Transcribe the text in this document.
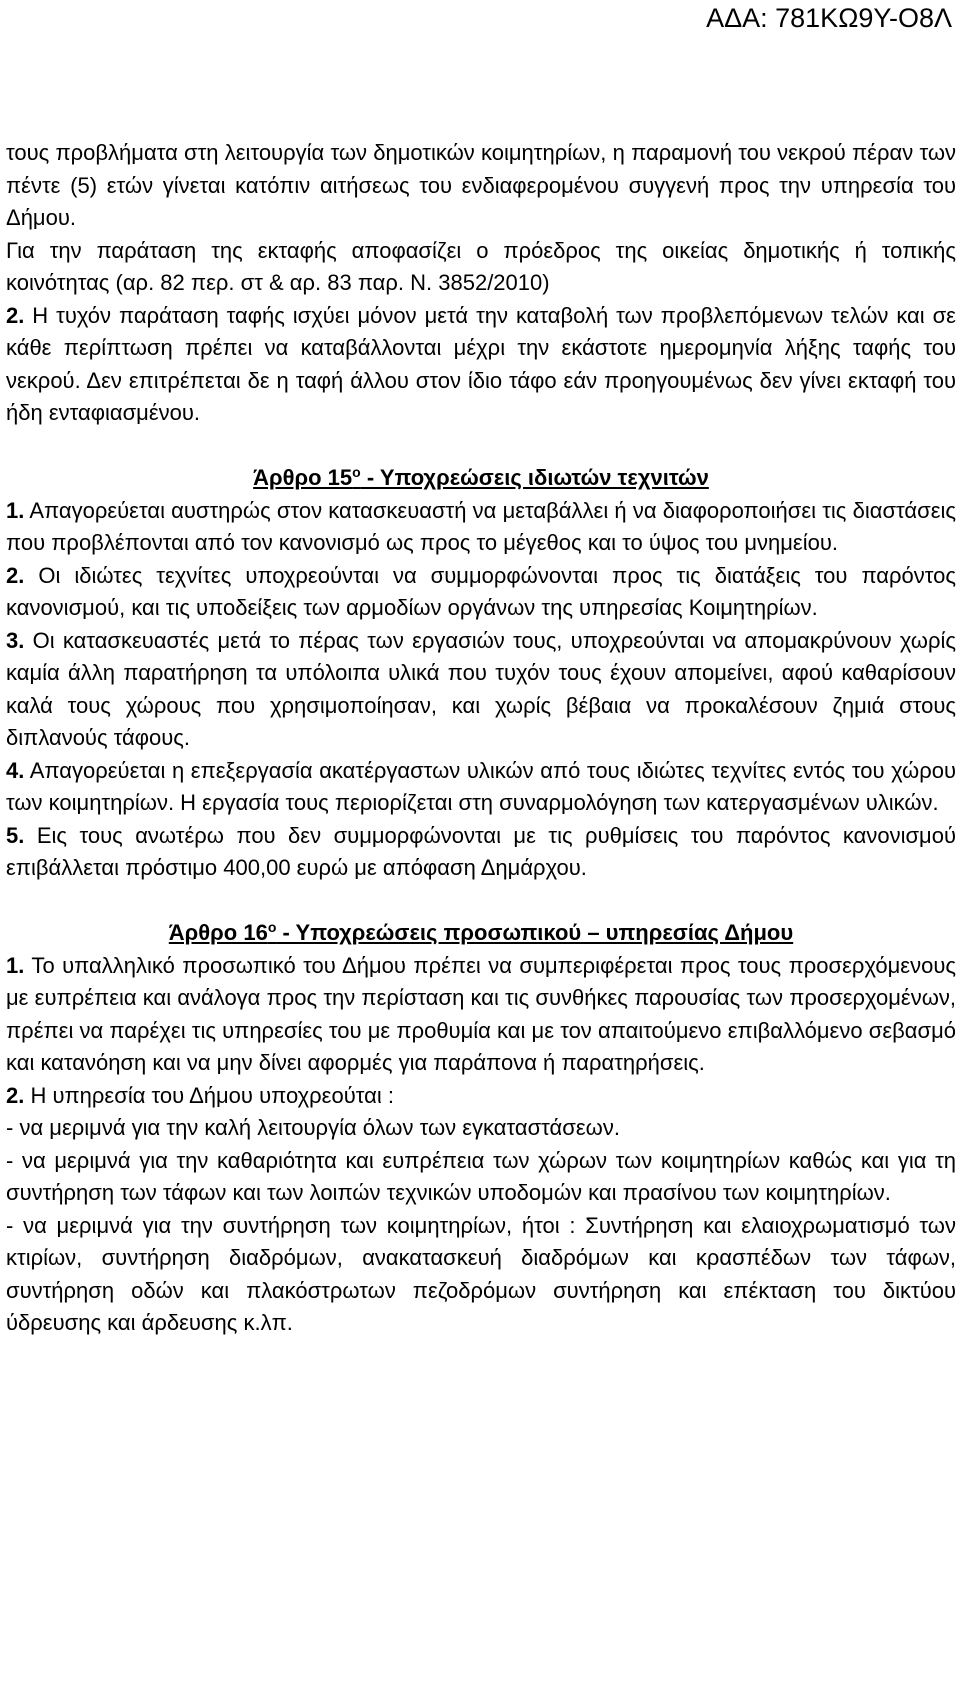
ΑΔΑ: 781ΚΩ9Υ-Ο8Λ

τους προβλήματα στη λειτουργία των δημοτικών κοιμητηρίων, η παραμονή του νεκρού πέραν των πέντε (5) ετών γίνεται κατόπιν αιτήσεως του ενδιαφερομένου συγγενή προς την υπηρεσία του Δήμου.

Για την παράταση της εκταφής αποφασίζει ο πρόεδρος της οικείας δημοτικής ή τοπικής κοινότητας (αρ. 82 περ. στ & αρ. 83 παρ. Ν. 3852/2010)

2. Η τυχόν παράταση ταφής ισχύει μόνον μετά την καταβολή των προβλεπόμενων τελών και σε κάθε περίπτωση πρέπει να καταβάλλονται μέχρι την εκάστοτε ημερομηνία λήξης ταφής του νεκρού. Δεν επιτρέπεται δε η ταφή άλλου στον ίδιο τάφο εάν προηγουμένως δεν γίνει εκταφή του ήδη ενταφιασμένου.

Άρθρο $15^o$ - Υποχρεώσεις ιδιωτών τεχνιτών

1. Απαγορεύεται αυστηρώς στον κατασκευαστή να μεταβάλλει ή να διαφοροποιήσει τις διαστάσεις που προβλέπονται από τον κανονισμό ως προς το μέγεθος και το ύψος του μνημείου.

2. Οι ιδιώτες τεχνίτες υποχρεούνται να συμμορφώνονται προς τις διατάξεις του παρόντος κανονισμού, και τις υποδείξεις των αρμοδίων οργάνων της υπηρεσίας Κοιμητηρίων.

3. Οι κατασκευαστές μετά το πέρας των εργασιών τους, υποχρεούνται να απομακρύνουν χωρίς καμία άλλη παρατήρηση τα υπόλοιπα υλικά που τυχόν τους έχουν απομείνει, αφού καθαρίσουν καλά τους χώρους που χρησιμοποίησαν, και χωρίς βέβαια να προκαλέσουν ζημιά στους διπλανούς τάφους.

4. Απαγορεύεται η επεξεργασία ακατέργαστων υλικών από τους ιδιώτες τεχνίτες εντός του χώρου των κοιμητηρίων. Η εργασία τους περιορίζεται στη συναρμολόγηση των κατεργασμένων υλικών.

5. Εις τους ανωτέρω που δεν συμμορφώνονται με τις ρυθμίσεις του παρόντος κανονισμού επιβάλλεται πρόστιμο 400,00 ευρώ με απόφαση Δημάρχου.

Άρθρο $16^o$ - Υποχρεώσεις προσωπικού – υπηρεσίας Δήμου

1. Το υπαλληλικό προσωπικό του Δήμου πρέπει να συμπεριφέρεται προς τους προσερχόμενους με ευπρέπεια και ανάλογα προς την περίσταση και τις συνθήκες παρουσίας των προσερχομένων, πρέπει να παρέχει τις υπηρεσίες του με προθυμία και με τον απαιτούμενο επιβαλλόμενο σεβασμό και κατανόηση και να μην δίνει αφορμές για παράπονα ή παρατηρήσεις.

2. Η υπηρεσία του Δήμου υποχρεούται :

- να μεριμνά για την καλή λειτουργία όλων των εγκαταστάσεων.

- να μεριμνά για την καθαριότητα και ευπρέπεια των χώρων των κοιμητηρίων καθώς και για τη συντήρηση των τάφων και των λοιπών τεχνικών υποδομών και πρασίνου των κοιμητηρίων.

- να μεριμνά για την συντήρηση των κοιμητηρίων, ήτοι : Συντήρηση και ελαιοχρωματισμό των κτιρίων, συντήρηση διαδρόμων, ανακατασκευή διαδρόμων και κρασπέδων των τάφων, συντήρηση οδών και πλακόστρωτων πεζοδρόμων συντήρηση και επέκταση του δικτύου ύδρευσης και άρδευσης κ.λπ.
